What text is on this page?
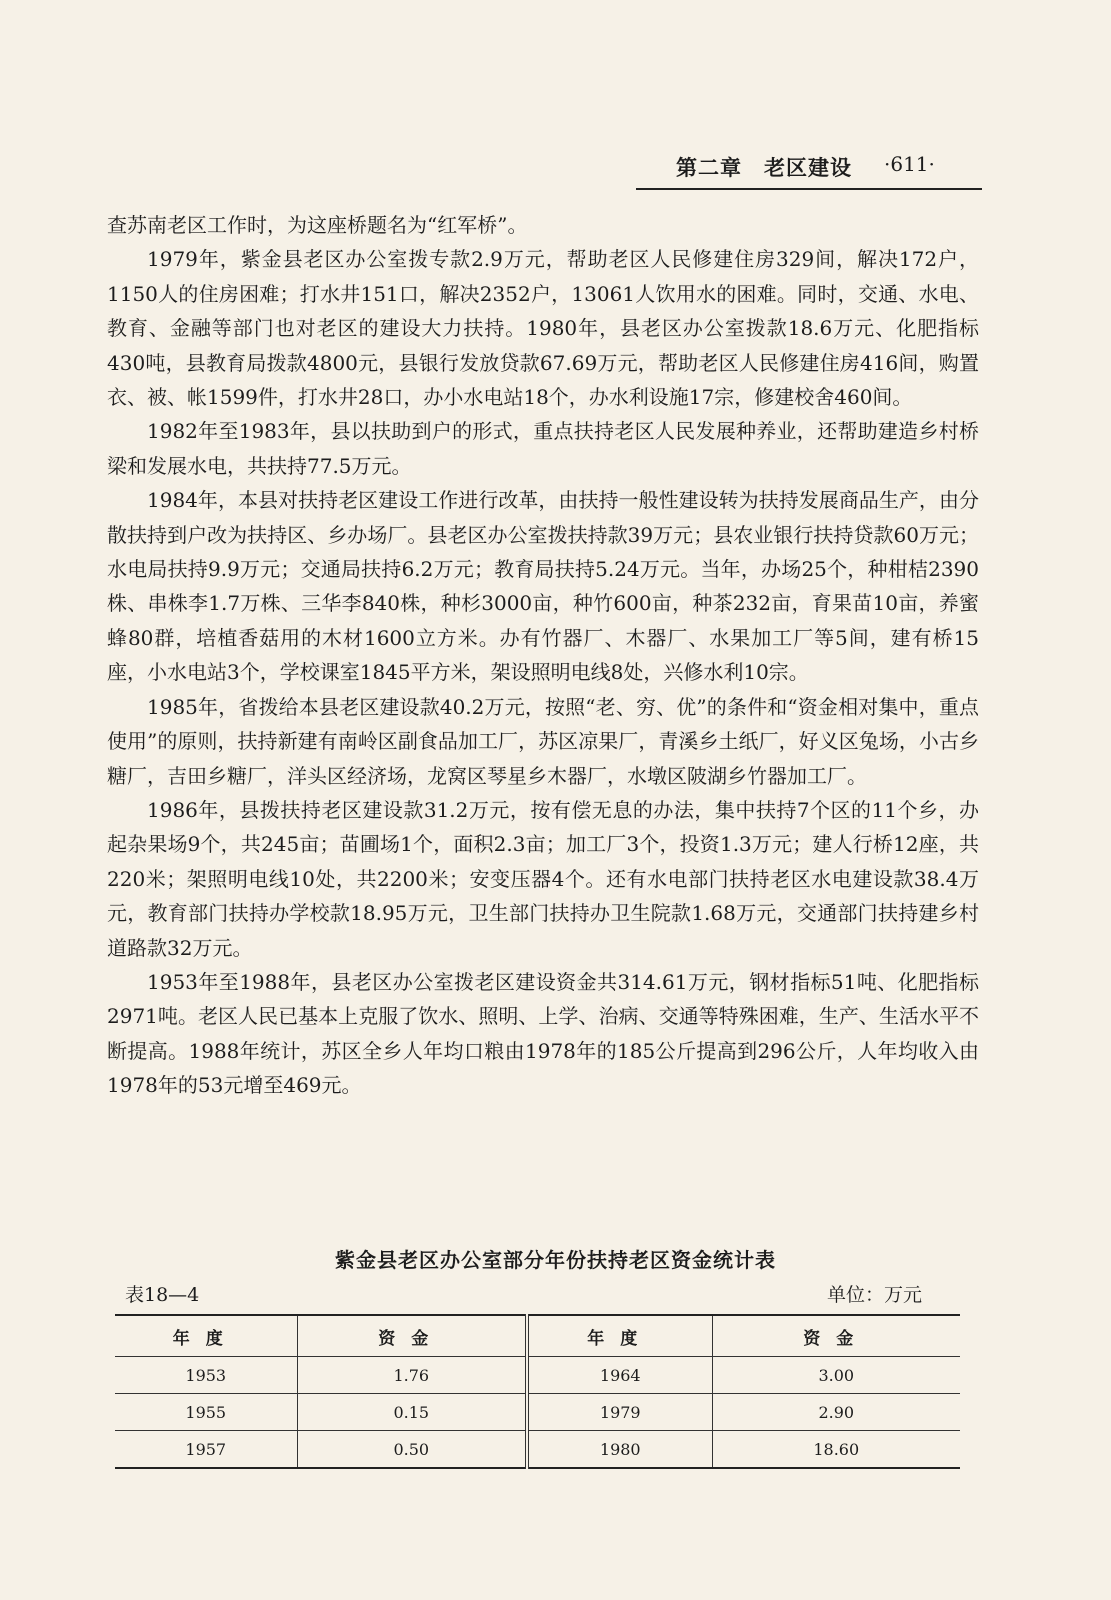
第二章　老区建设 ·611·

查苏南老区工作时，为这座桥题名为“红军桥”。

1979年，紫金县老区办公室拨专款2.9万元，帮助老区人民修建住房329间，解决172户，1150人的住房困难；打水井151口，解决2352户，13061人饮用水的困难。同时，交通、水电、教育、金融等部门也对老区的建设大力扶持。1980年，县老区办公室拨款18.6万元、化肥指标430吨，县教育局拨款4800元，县银行发放贷款67.69万元，帮助老区人民修建住房416间，购置衣、被、帐1599件，打水井28口，办小水电站18个，办水利设施17宗，修建校舍460间。

1982年至1983年，县以扶助到户的形式，重点扶持老区人民发展种养业，还帮助建造乡村桥梁和发展水电，共扶持77.5万元。

1984年，本县对扶持老区建设工作进行改革，由扶持一般性建设转为扶持发展商品生产，由分散扶持到户改为扶持区、乡办场厂。县老区办公室拨扶持款39万元；县农业银行扶持贷款60万元；水电局扶持9.9万元；交通局扶持6.2万元；教育局扶持5.24万元。当年，办场25个，种柑桔2390株、串株李1.7万株、三华李840株，种杉3000亩，种竹600亩，种茶232亩，育果苗10亩，养蜜蜂80群，培植香菇用的木材1600立方米。办有竹器厂、木器厂、水果加工厂等5间，建有桥15座，小水电站3个，学校课室1845平方米，架设照明电线8处，兴修水利10宗。

1985年，省拨给本县老区建设款40.2万元，按照“老、穷、优”的条件和“资金相对集中，重点使用”的原则，扶持新建有南岭区副食品加工厂，苏区凉果厂，青溪乡土纸厂，好义区兔场，小古乡糖厂，吉田乡糖厂，洋头区经济场，龙窝区琴星乡木器厂，水墩区陂湖乡竹器加工厂。

1986年，县拨扶持老区建设款31.2万元，按有偿无息的办法，集中扶持7个区的11个乡，办起杂果场9个，共245亩；苗圃场1个，面积2.3亩；加工厂3个，投资1.3万元；建人行桥12座，共220米；架照明电线10处，共2200米；安变压器4个。还有水电部门扶持老区水电建设款38.4万元，教育部门扶持办学校款18.95万元，卫生部门扶持办卫生院款1.68万元，交通部门扶持建乡村道路款32万元。

1953年至1988年，县老区办公室拨老区建设资金共314.61万元，钢材指标51吨、化肥指标2971吨。老区人民已基本上克服了饮水、照明、上学、治病、交通等特殊困难，生产、生活水平不断提高。1988年统计，苏区全乡人年均口粮由1978年的185公斤提高到296公斤，人年均收入由1978年的53元增至469元。

紫金县老区办公室部分年份扶持老区资金统计表
表18—4	单位：万元
年度	资金	年度	资金
1953	1.76	1964	3.00
1955	0.15	1979	2.90
1957	0.50	1980	18.60
